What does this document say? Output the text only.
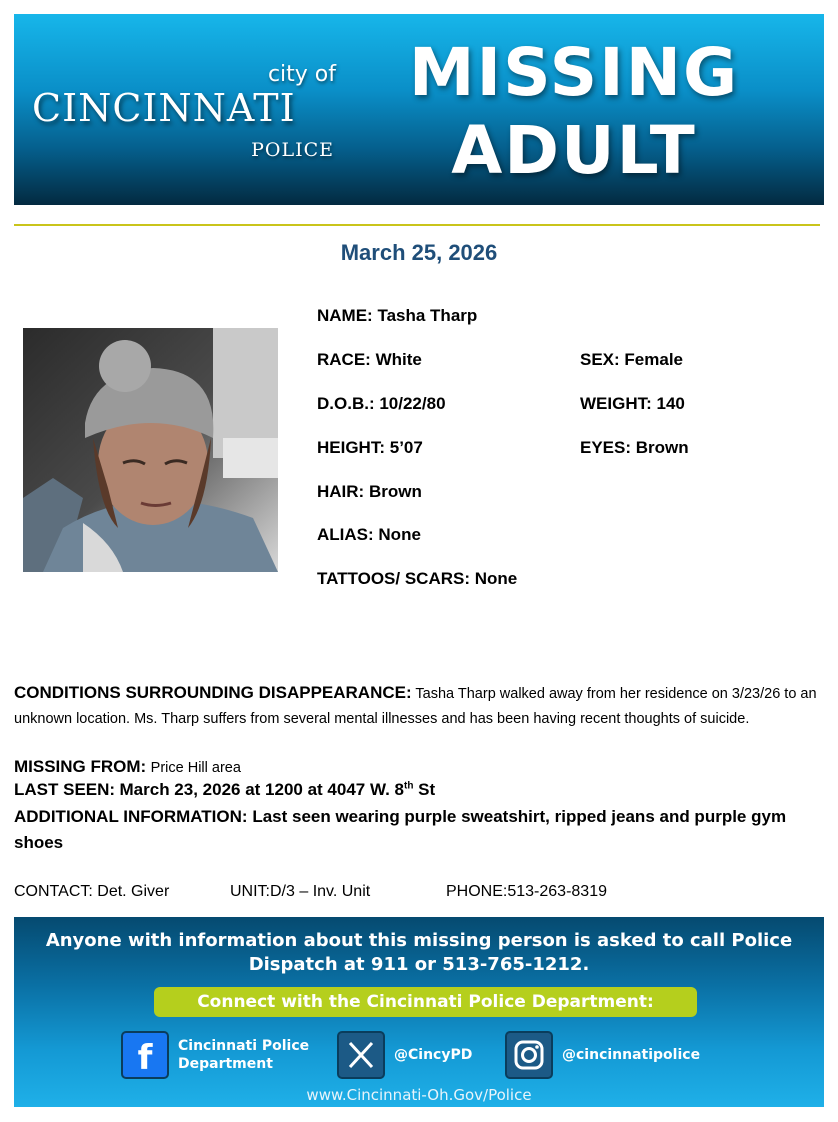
city of
CINCINNATI
POLICE
MISSING
ADULT
March 25, 2026
NAME: Tasha Tharp
RACE: White	SEX: Female
D.O.B.: 10/22/80	WEIGHT: 140
HEIGHT: 5’07	EYES: Brown
HAIR: Brown
ALIAS: None
TATTOOS/ SCARS: None
CONDITIONS SURROUNDING DISAPPEARANCE: Tasha Tharp walked away from her residence on 3/23/26 to an unknown location. Ms. Tharp suffers from several mental illnesses and has been having recent thoughts of suicide.
MISSING FROM: Price Hill area
LAST SEEN: March 23, 2026 at 1200 at 4047 W. 8th St
ADDITIONAL INFORMATION: Last seen wearing purple sweatshirt, ripped jeans and purple gym shoes
CONTACT: Det. Giver	UNIT:D/3 – Inv. Unit	PHONE:513-263-8319
Anyone with information about this missing person is asked to call Police
Dispatch at 911 or 513-765-1212.
Connect with the Cincinnati Police Department:
f Cincinnati Police
Department
@CincyPD	@cincinnatipolice
www.Cincinnati-Oh.Gov/Police
